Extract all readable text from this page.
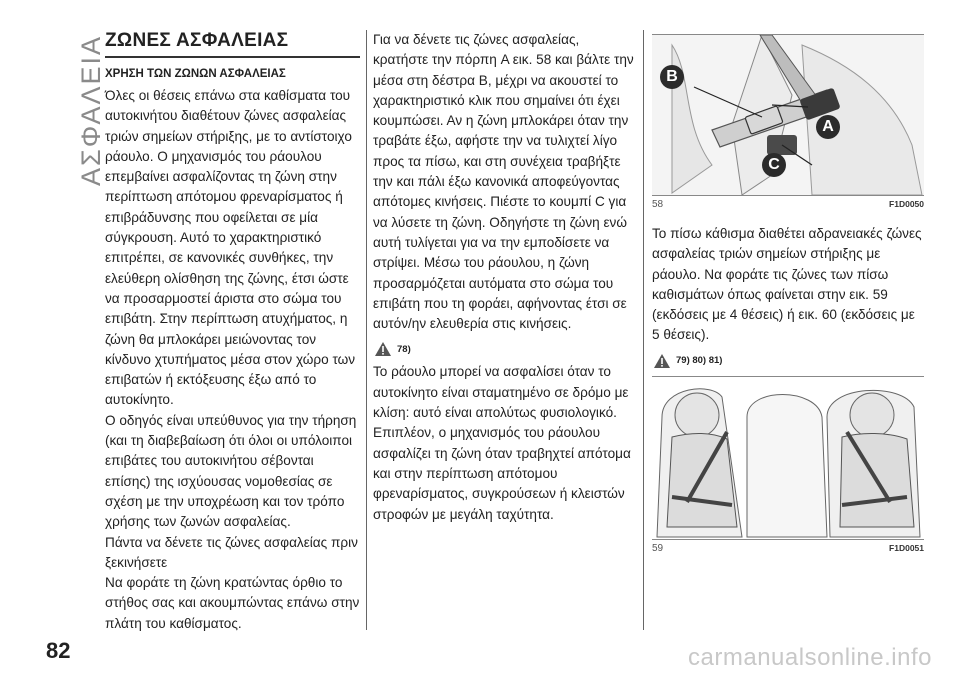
ΑΣΦΑΛΕΙΑ
82
ΖΩΝΕΣ ΑΣΦΑΛΕΙΑΣ
ΧΡΗΣΗ ΤΩΝ ΖΩΝΩΝ ΑΣΦΑΛΕΙΑΣ

Όλες οι θέσεις επάνω στα καθίσματα του αυτοκινήτου διαθέτουν ζώνες ασφαλείας τριών σημείων στήριξης, με το αντίστοιχο ράουλο. Ο μηχανισμός του ράουλου επεμβαίνει ασφαλίζοντας τη ζώνη στην περίπτωση απότομου φρεναρίσματος ή επιβράδυνσης που οφείλεται σε μία σύγκρουση. Αυτό το χαρακτηριστικό επιτρέπει, σε κανονικές συνθήκες, την ελεύθερη ολίσθηση της ζώνης, έτσι ώστε να προσαρμοστεί άριστα στο σώμα του επιβάτη. Στην περίπτωση ατυχήματος, η ζώνη θα μπλοκάρει μειώνοντας τον κίνδυνο χτυπήματος μέσα στον χώρο των επιβατών ή εκτόξευσης έξω από το αυτοκίνητο.

Ο οδηγός είναι υπεύθυνος για την τήρηση (και τη διαβεβαίωση ότι όλοι οι υπόλοιποι επιβάτες του αυτοκινήτου σέβονται επίσης) της ισχύουσας νομοθεσίας σε σχέση με την υποχρέωση και τον τρόπο χρήσης των ζωνών ασφαλείας.

Πάντα να δένετε τις ζώνες ασφαλείας πριν ξεκινήσετε

Να φοράτε τη ζώνη κρατώντας όρθιο το στήθος σας και ακουμπώντας επάνω στην πλάτη του καθίσματος.

Για να δένετε τις ζώνες ασφαλείας, κρατήστε την πόρπη A εικ. 58 και βάλτε την μέσα στη δέστρα B, μέχρι να ακουστεί το χαρακτηριστικό κλικ που σημαίνει ότι έχει κουμπώσει. Αν η ζώνη μπλοκάρει όταν την τραβάτε έξω, αφήστε την να τυλιχτεί λίγο προς τα πίσω, και στη συνέχεια τραβήξτε την και πάλι έξω κανονικά αποφεύγοντας απότομες κινήσεις. Πιέστε το κουμπί C για να λύσετε τη ζώνη. Οδηγήστε τη ζώνη ενώ αυτή τυλίγεται για να την εμποδίσετε να στρίψει. Μέσω του ράουλου, η ζώνη προσαρμόζεται αυτόματα στο σώμα του επιβάτη που τη φοράει, αφήνοντας έτσι σε αυτόν/ην ελευθερία στις κινήσεις.

78)

Το ράουλο μπορεί να ασφαλίσει όταν το αυτοκίνητο είναι σταματημένο σε δρόμο με κλίση: αυτό είναι απολύτως φυσιολογικό. Επιπλέον, ο μηχανισμός του ράουλου ασφαλίζει τη ζώνη όταν τραβηχτεί απότομα και στην περίπτωση απότομου φρεναρίσματος, συγκρούσεων ή κλειστών στροφών με μεγάλη ταχύτητα.

B
A
C
58	F1D0050

Το πίσω κάθισμα διαθέτει αδρανειακές ζώνες ασφαλείας τριών σημείων στήριξης με ράουλο. Να φοράτε τις ζώνες των πίσω καθισμάτων όπως φαίνεται στην εικ. 59 (εκδόσεις με 4 θέσεις) ή εικ. 60 (εκδόσεις με 5 θέσεις).

79) 80) 81)
59	F1D0051
carmanualsonline.info
